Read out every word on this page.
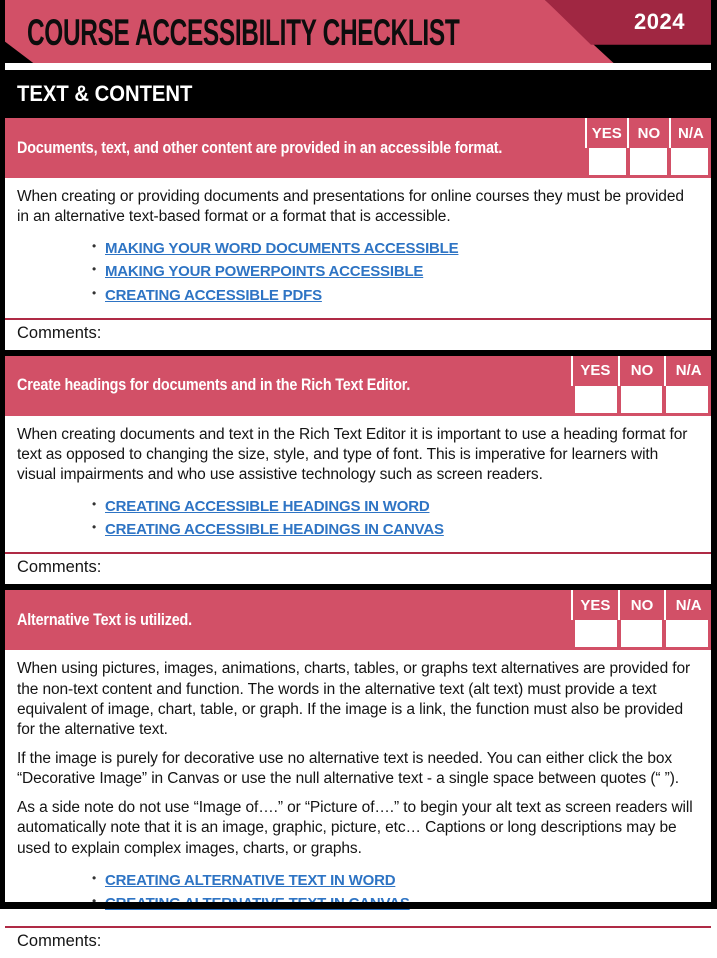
COURSE ACCESSIBILITY CHECKLIST	2024
TEXT & CONTENT
Documents, text, and other content are provided in an accessible format.
YES	NO	N/A

When creating or providing documents and presentations for online courses they must be provided in an alternative text-based format or a format that is accessible.

• MAKING YOUR WORD DOCUMENTS ACCESSIBLE
• MAKING YOUR POWERPOINTS ACCESSIBLE
• CREATING ACCESSIBLE PDFS
Comments:
Create headings for documents and in the Rich Text Editor.
YES	NO	N/A

When creating documents and text in the Rich Text Editor it is important to use a heading format for text as opposed to changing the size, style, and type of font. This is imperative for learners with visual impairments and who use assistive technology such as screen readers.

• CREATING ACCESSIBLE HEADINGS IN WORD
• CREATING ACCESSIBLE HEADINGS IN CANVAS
Comments:
Alternative Text is utilized.
YES	NO	N/A

When using pictures, images, animations, charts, tables, or graphs text alternatives are provided for the non-text content and function. The words in the alternative text (alt text) must provide a text equivalent of image, chart, table, or graph. If the image is a link, the function must also be provided for the alternative text.

If the image is purely for decorative use no alternative text is needed. You can either click the box “Decorative Image” in Canvas or use the null alternative text - a single space between quotes (“ ”).

As a side note do not use “Image of….” or “Picture of….” to begin your alt text as screen readers will automatically note that it is an image, graphic, picture, etc… Captions or long descriptions may be used to explain complex images, charts, or graphs.

• CREATING ALTERNATIVE TEXT IN WORD
•
Comments:
